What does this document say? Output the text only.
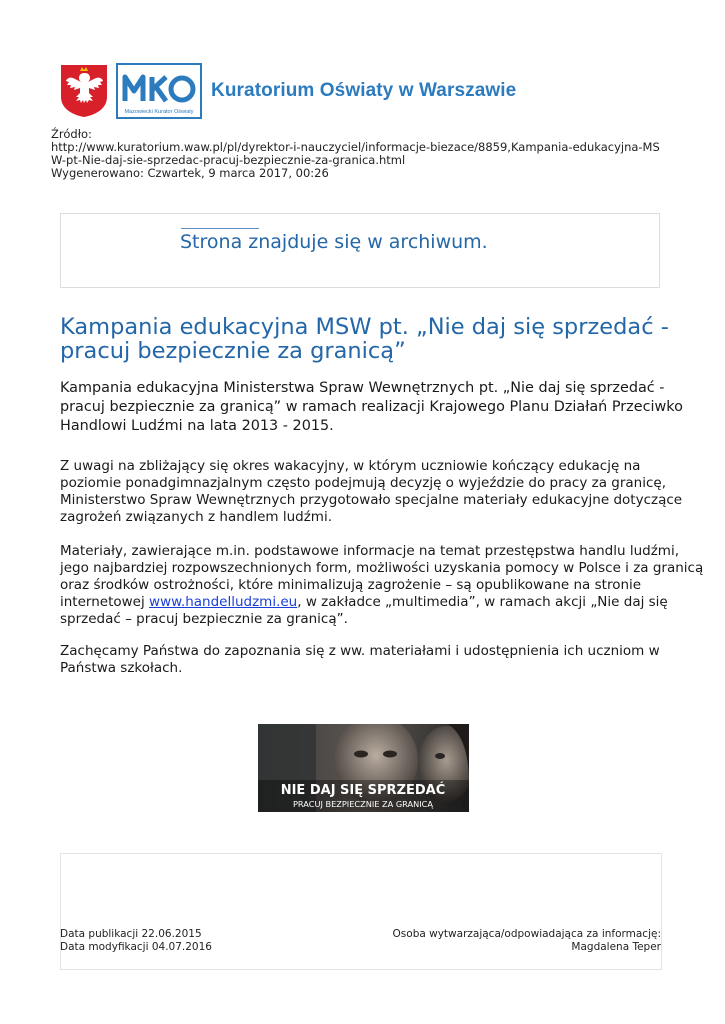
Mazowiecki Kurator Oświaty
Kuratorium Oświaty w Warszawie
Źródło:
http://www.kuratorium.waw.pl/pl/dyrektor-i-nauczyciel/informacje-biezace/8859,Kampania-edukacyjna-MS
W-pt-Nie-daj-sie-sprzedac-pracuj-bezpiecznie-za-granica.html
Wygenerowano: Czwartek, 9 marca 2017, 00:26
Strona znajduje się w archiwum.
Kampania edukacyjna MSW pt. „Nie daj się sprzedać -
pracuj bezpiecznie za granicą”
Kampania edukacyjna Ministerstwa Spraw Wewnętrznych pt. „Nie daj się sprzedać -
pracuj bezpiecznie za granicą” w ramach realizacji Krajowego Planu Działań Przeciwko
Handlowi Ludźmi na lata 2013 - 2015.
Z uwagi na zbliżający się okres wakacyjny, w którym uczniowie kończący edukację na
poziomie ponadgimnazjalnym często podejmują decyzję o wyjeździe do pracy za granicę,
Ministerstwo Spraw Wewnętrznych przygotowało specjalne materiały edukacyjne dotyczące
zagrożeń związanych z handlem ludźmi.
Materiały, zawierające m.in. podstawowe informacje na temat przestępstwa handlu ludźmi,
jego najbardziej rozpowszechnionych form, możliwości uzyskania pomocy w Polsce i za granicą
oraz środków ostrożności, które minimalizują zagrożenie – są opublikowane na stronie
internetowej www.handelludzmi.eu, w zakładce „multimedia”, w ramach akcji „Nie daj się
sprzedać – pracuj bezpiecznie za granicą”.
Zachęcamy Państwa do zapoznania się z ww. materiałami i udostępnienia ich uczniom w
Państwa szkołach.
NIE DAJ SIĘ SPRZEDAĆ
PRACUJ BEZPIECZNIE ZA GRANICĄ
Data publikacji 22.06.2015
Data modyfikacji 04.07.2016
Osoba wytwarzająca/odpowiadająca za informację:
Magdalena Teper
